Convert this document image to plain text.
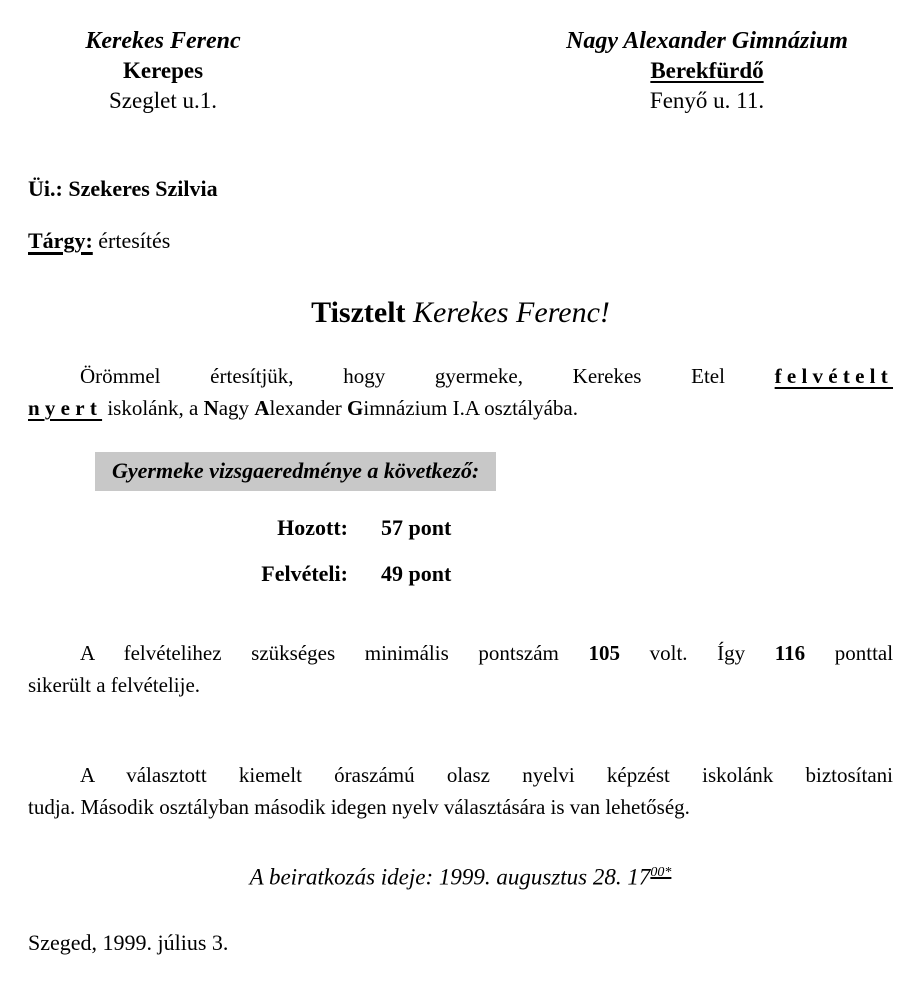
Kerekes Ferenc
Kerepes
Szeglet u.1.
Nagy Alexander Gimnázium
Berekfürdő
Fenyő u. 11.
Üi.: Szekeres Szilvia
Tárgy: értesítés
Tisztelt Kerekes Ferenc!
Örömmel értesítjük, hogy gyermeke, Kerekes Etel felvételt
nyert iskolánk, a Nagy Alexander Gimnázium I.A osztályába.
Gyermeke vizsgaeredménye a következő:
Hozott: 57 pont
Felvételi: 49 pont
A felvételihez szükséges minimális pontszám 105 volt. Így 116 ponttal
sikerült a felvételije.
A választott kiemelt óraszámú olasz nyelvi képzést iskolánk biztosítani
tudja. Második osztályban második idegen nyelv választására is van lehetőség.
A beiratkozás ideje: 1999. augusztus 28. $17^{00*}$
Szeged, 1999. július 3.
